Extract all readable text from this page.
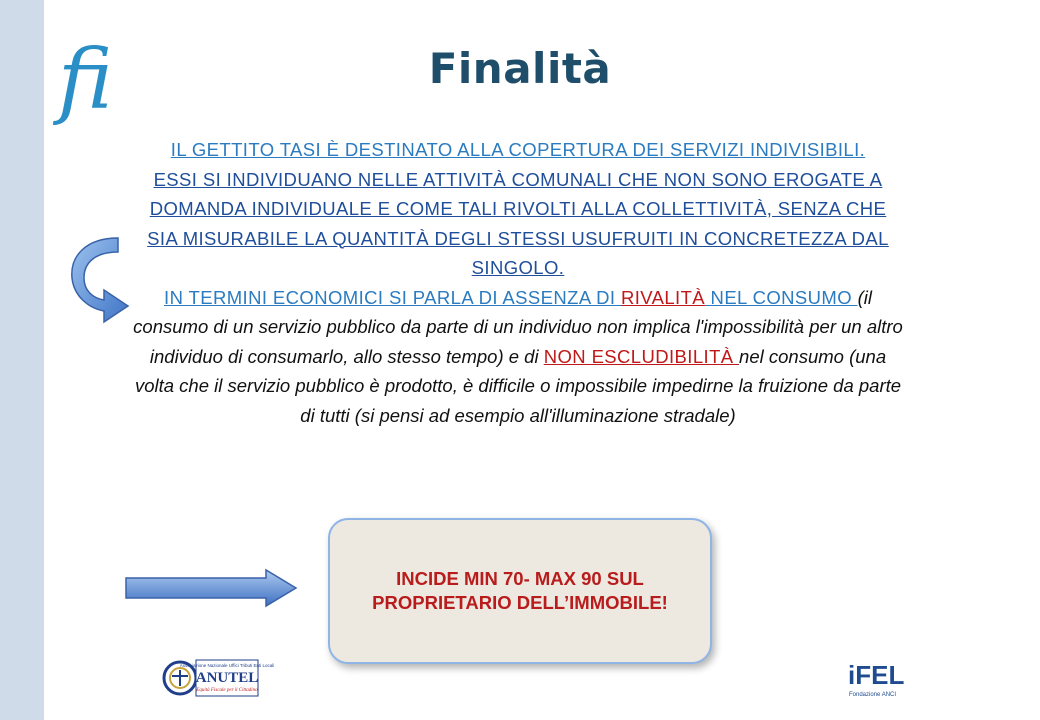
fi	Finalità

IL GETTITO TASI È DESTINATO ALLA COPERTURA DEI SERVIZI INDIVISIBILI.

ESSI SI INDIVIDUANO NELLE ATTIVITÀ COMUNALI CHE NON SONO EROGATE A DOMANDA INDIVIDUALE E COME TALI RIVOLTI ALLA COLLETTIVITÀ, SENZA CHE SIA MISURABILE LA QUANTITÀ DEGLI STESSI USUFRUITI IN CONCRETEZZA DAL SINGOLO.

IN TERMINI ECONOMICI SI PARLA DI ASSENZA DI RIVALITÀ NEL CONSUMO (il consumo di un servizio pubblico da parte di un individuo non implica l'impossibilità per un altro individuo di consumarlo, allo stesso tempo) e di NON ESCLUDIBILITÀ nel consumo (una volta che il servizio pubblico è prodotto, è difficile o impossibile impedirne la fruizione da parte di tutti (si pensi ad esempio all'illuminazione stradale)

INCIDE MIN 70- MAX 90 SUL PROPRIETARIO DELL’IMMOBILE!
Associazione Nazionale Uffici Tributi Enti Locali
ANUTEL
Equità Fiscale per il Cittadino
iFEL
Fondazione ANCI
